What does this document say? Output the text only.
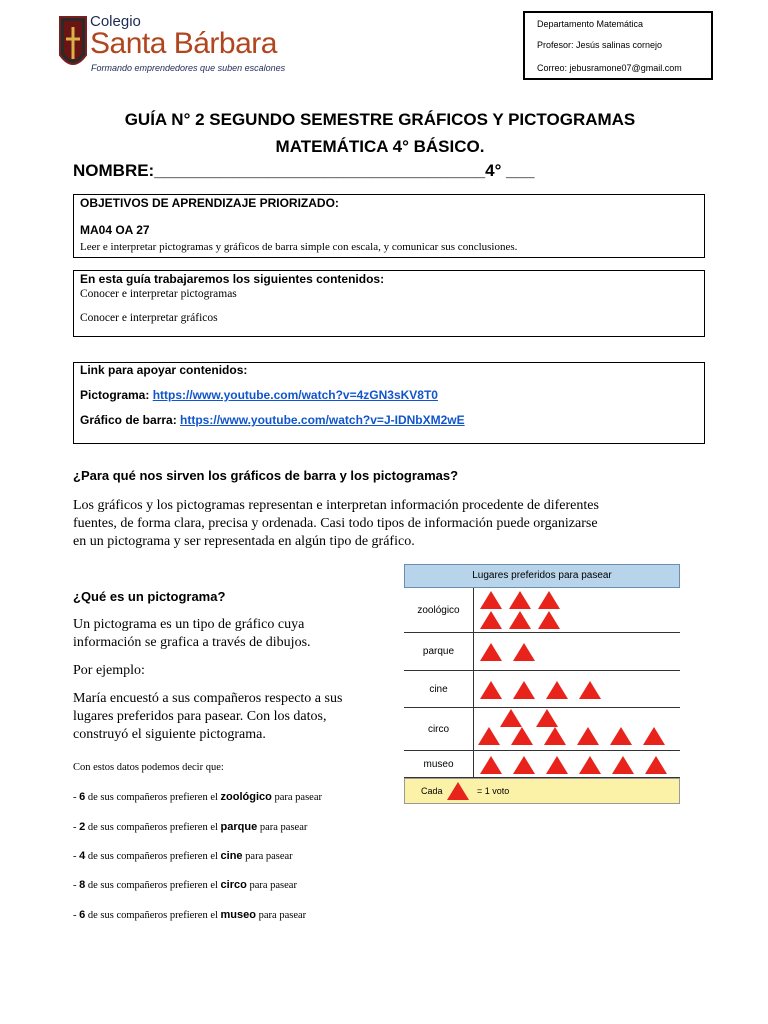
Colegio
Santa Bárbara
Formando emprendedores que suben escalones
Departamento Matemática
Profesor: Jesús salinas cornejo
Correo: jebusramone07@gmail.com
GUÍA N° 2 SEGUNDO SEMESTRE GRÁFICOS Y PICTOGRAMAS
MATEMÁTICA 4° BÁSICO.
NOMBRE:___________________________________4° ___
OBJETIVOS DE APRENDIZAJE PRIORIZADO:
MA04 OA 27
Leer e interpretar pictogramas y gráficos de barra simple con escala, y comunicar sus conclusiones.
En esta guía trabajaremos los siguientes contenidos:
Conocer e interpretar pictogramas
Conocer e interpretar gráficos
Link para apoyar contenidos:
Pictograma: https://www.youtube.com/watch?v=4zGN3sKV8T0
Gráfico de barra: https://www.youtube.com/watch?v=J-IDNbXM2wE
¿Para qué nos sirven los gráficos de barra y los pictogramas?
Los gráficos y los pictogramas representan e interpretan información procedente de diferentes
fuentes, de forma clara, precisa y ordenada. Casi todo tipos de información puede organizarse
en un pictograma y ser representada en algún tipo de gráfico.
¿Qué es un pictograma?
Un pictograma es un tipo de gráfico cuya
información se grafica a través de dibujos.
Por ejemplo:
María encuestó a sus compañeros respecto a sus
lugares preferidos para pasear. Con los datos,
construyó el siguiente pictograma.
Con estos datos podemos decir que:
- 6 de sus compañeros prefieren el zoológico para pasear
- 2 de sus compañeros prefieren el parque para pasear
- 4 de sus compañeros prefieren el cine para pasear
- 8 de sus compañeros prefieren el circo para pasear
- 6 de sus compañeros prefieren el museo para pasear
Lugares preferidos para pasear
Cada	= 1 voto
zoológico
parque
cine
circo
museo
